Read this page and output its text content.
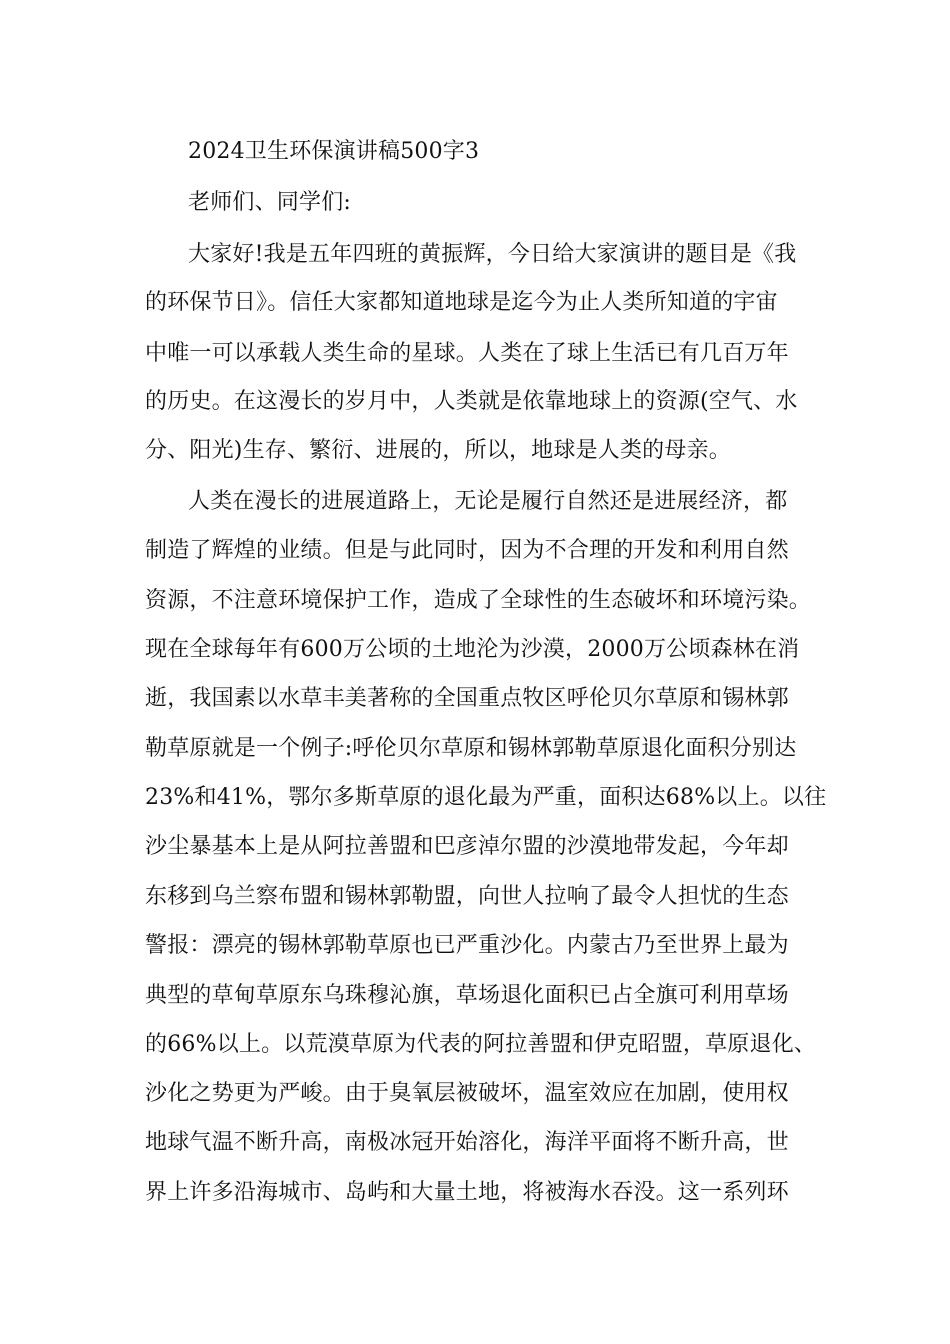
2024卫生环保演讲稿500字3
老师们、同学们:
大家好!我是五年四班的黄振辉，今日给大家演讲的题目是《我
的环保节日》。信任大家都知道地球是迄今为止人类所知道的宇宙
中唯一可以承载人类生命的星球。人类在了球上生活已有几百万年
的历史。在这漫长的岁月中，人类就是依靠地球上的资源(空气、水
分、阳光)生存、繁衍、进展的，所以，地球是人类的母亲。
人类在漫长的进展道路上，无论是履行自然还是进展经济，都
制造了辉煌的业绩。但是与此同时，因为不合理的开发和利用自然
资源，不注意环境保护工作，造成了全球性的生态破坏和环境污染。
现在全球每年有600万公顷的土地沦为沙漠，2000万公顷森林在消
逝，我国素以水草丰美著称的全国重点牧区呼伦贝尔草原和锡林郭
勒草原就是一个例子:呼伦贝尔草原和锡林郭勒草原退化面积分别达
23%和41%，鄂尔多斯草原的退化最为严重，面积达68%以上。以往
沙尘暴基本上是从阿拉善盟和巴彦淖尔盟的沙漠地带发起，今年却
东移到乌兰察布盟和锡林郭勒盟，向世人拉响了最令人担忧的生态
警报：漂亮的锡林郭勒草原也已严重沙化。内蒙古乃至世界上最为
典型的草甸草原东乌珠穆沁旗，草场退化面积已占全旗可利用草场
的66%以上。以荒漠草原为代表的阿拉善盟和伊克昭盟，草原退化、
沙化之势更为严峻。由于臭氧层被破坏，温室效应在加剧，使用权
地球气温不断升高，南极冰冠开始溶化，海洋平面将不断升高，世
界上许多沿海城市、岛屿和大量土地，将被海水吞没。这一系列环
